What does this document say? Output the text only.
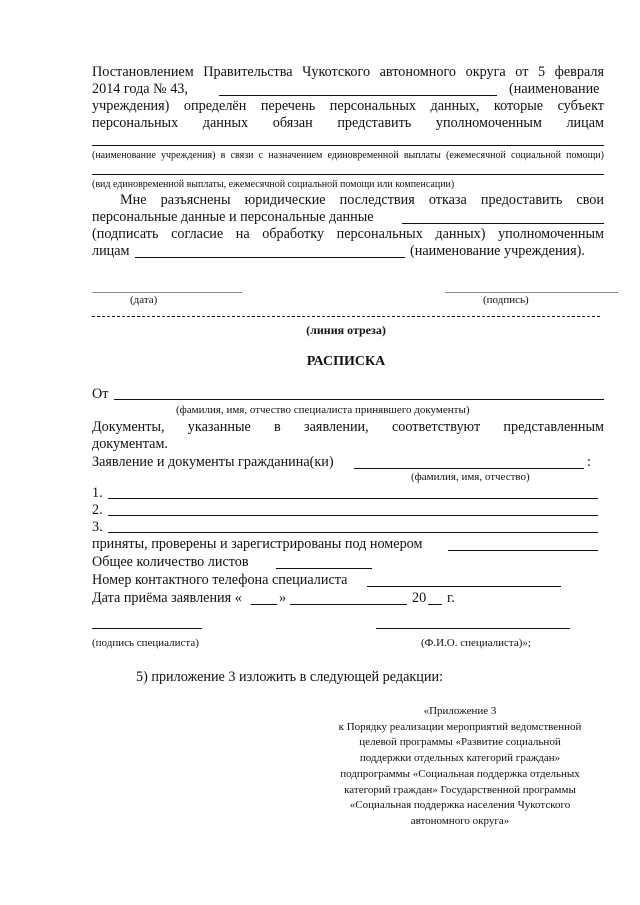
Постановлением Правительства Чукотского автономного округа от 5 февраля
2014 года № 43,	(наименование
учреждения) определён перечень персональных данных, которые субъект
персональных данных обязан представить уполномоченным лицам
(наименование учреждения) в связи с назначением единовременной выплаты (ежемесячной социальной помощи)
(вид единовременной выплаты, ежемесячной социальной помощи или компенсации)
Мне разъяснены юридические последствия отказа предоставить свои
персональные данные и персональные данные
(подписать согласие на обработку персональных данных) уполномоченным
лицам	(наименование учреждения).
(дата)	(подпись)
(линия отреза)
РАСПИСКА
От
(фамилия, имя, отчество специалиста принявшего документы)
Документы, указанные в заявлении, соответствуют представленным
документам.
Заявление и документы гражданина(ки)	:
(фамилия, имя, отчество)
1.
2.
3.
приняты, проверены и зарегистрированы под номером
Общее количество листов
Номер контактного телефона специалиста
Дата приёма заявления «	»	20 г.
(подпись специалиста)	(Ф.И.О. специалиста)»;
5) приложение 3 изложить в следующей редакции:
«Приложение 3
к Порядку реализации мероприятий ведомственной
целевой программы «Развитие социальной
поддержки отдельных категорий граждан»
подпрограммы «Социальная поддержка отдельных
категорий граждан» Государственной программы
«Социальная поддержка населения Чукотского
автономного округа»
